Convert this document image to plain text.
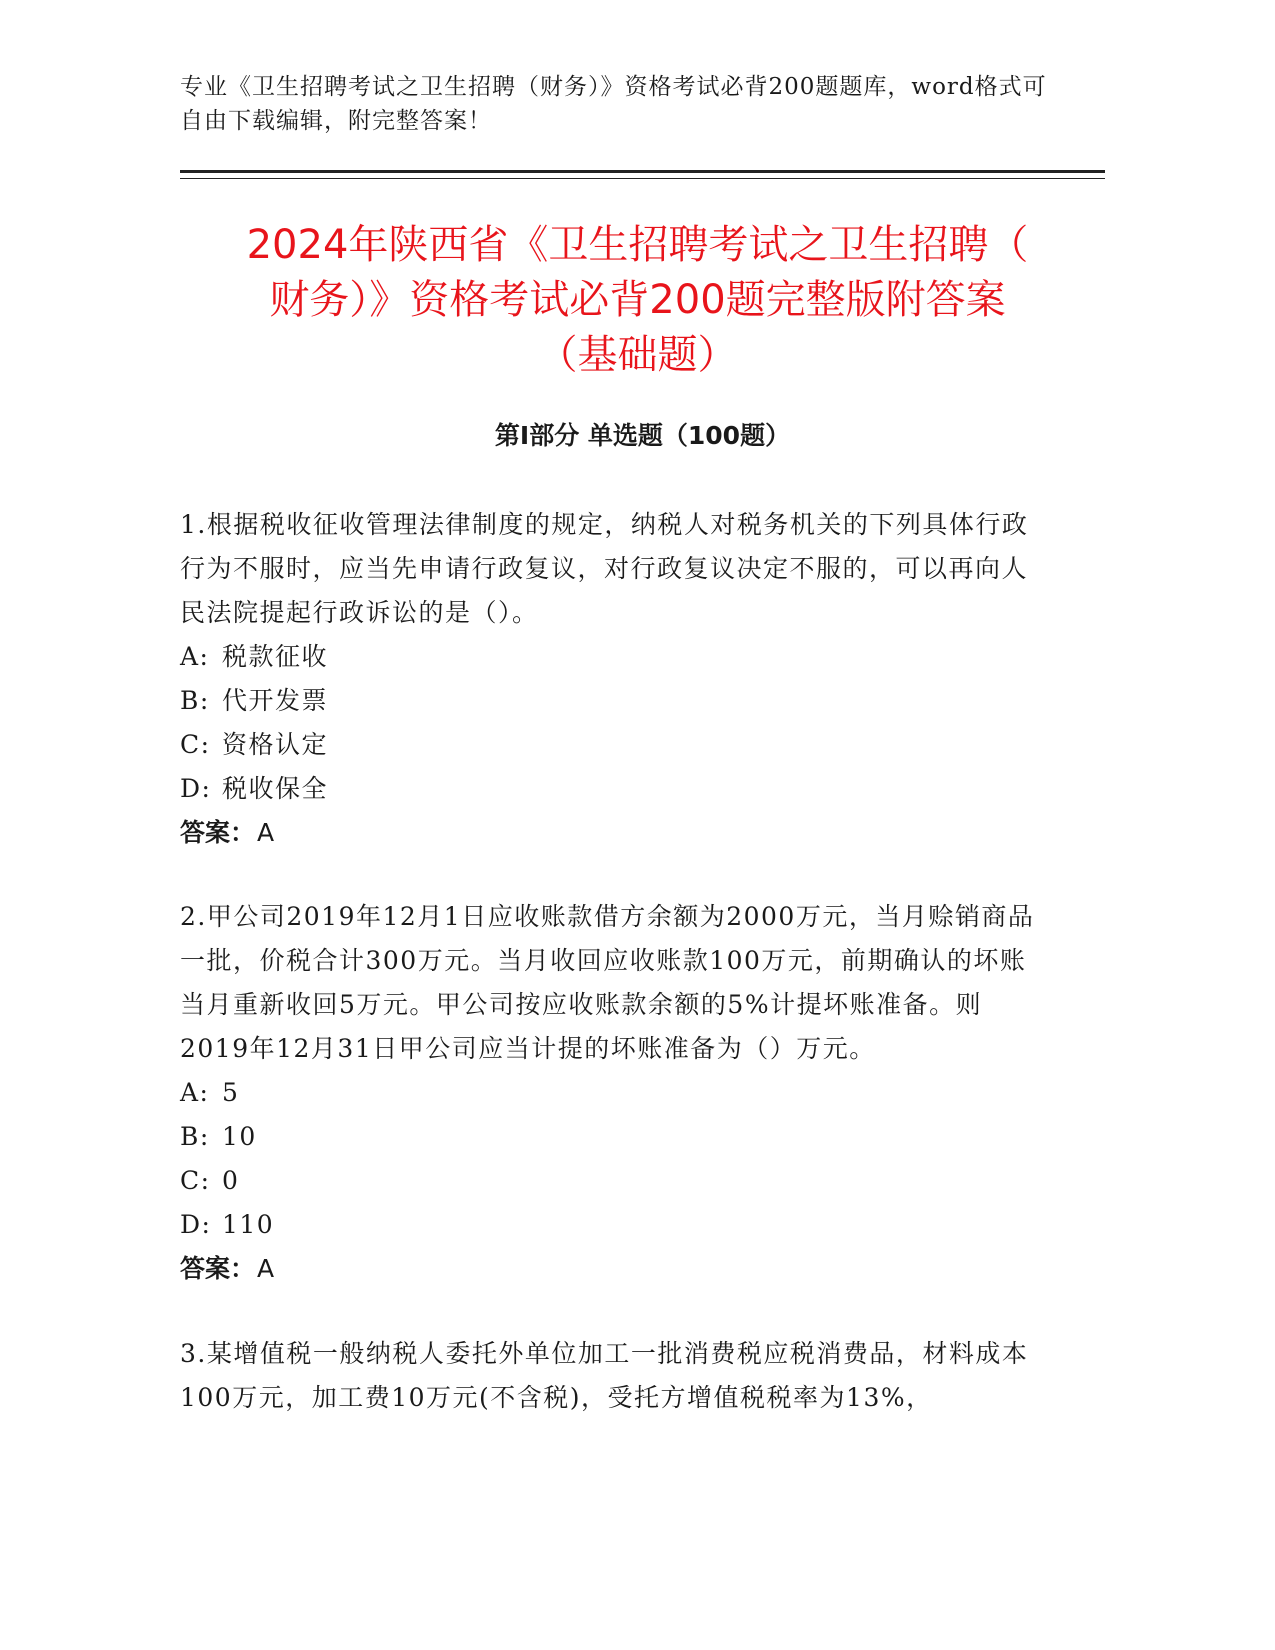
专业《卫生招聘考试之卫生招聘（财务）》资格考试必背200题题库，word格式可自由下载编辑，附完整答案！
2024年陕西省《卫生招聘考试之卫生招聘（
财务）》资格考试必背200题完整版附答案
（基础题）
第I部分 单选题（100题）
1.根据税收征收管理法律制度的规定，纳税人对税务机关的下列具体行政行为不服时，应当先申请行政复议，对行政复议决定不服的，可以再向人民法院提起行政诉讼的是（）。
A: 税款征收
B: 代开发票
C: 资格认定
D: 税收保全
答案：A
2.甲公司2019年12月1日应收账款借方余额为2000万元，当月赊销商品一批，价税合计300万元。当月收回应收账款100万元，前期确认的坏账当月重新收回5万元。甲公司按应收账款余额的5%计提坏账准备。则2019年12月31日甲公司应当计提的坏账准备为（）万元。
A: 5
B: 10
C: 0
D: 110
答案：A
3.某增值税一般纳税人委托外单位加工一批消费税应税消费品，材料成本100万元，加工费10万元(不含税)，受托方增值税税率为13%，
